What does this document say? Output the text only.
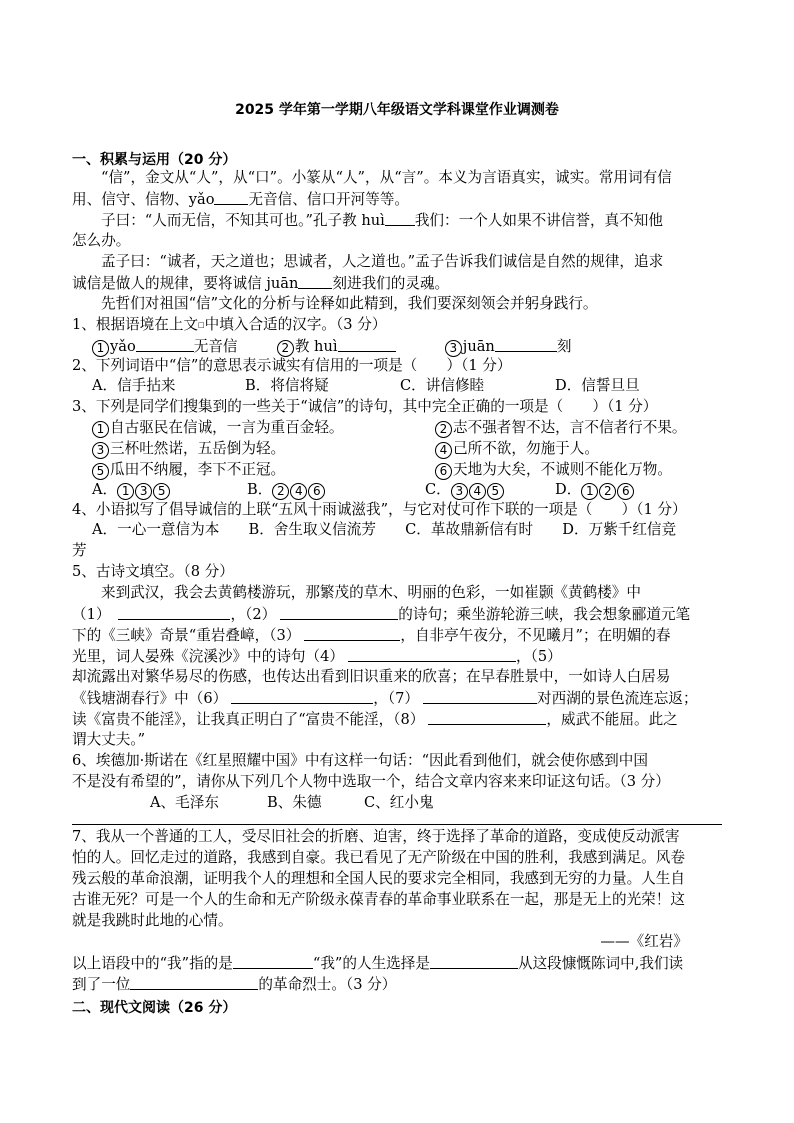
2025 学年第一学期八年级语文学科课堂作业调测卷
一、积累与运用（20 分）
“信”，金文从“人”，从“口”。小篆从“人”，从“言”。本义为言语真实，诚实。常用词有信
用、信守、信物、yǎo 无音信、信口开河等等。
子曰：“人而无信，不知其可也。”孔子教 huì 我们：一个人如果不讲信誉，真不知他
怎么办。
孟子曰：“诚者，天之道也；思诚者，人之道也。”孟子告诉我们诚信是自然的规律，追求
诚信是做人的规律，要将诚信 juān 刻进我们的灵魂。
先哲们对祖国“信”文化的分析与诠释如此精到，我们要深刻领会并躬身践行。
1、根据语境在上文□中填入合适的汉字。（3 分）
1 yǎo	无音信	2 教 huì	3 juān	刻
2、下列词语中“信”的意思表示诚实有信用的一项是（　　）（1 分）
A．信手拈来	B．将信将疑	C．讲信修睦	D．信誓旦旦
3、下列是同学们搜集到的一些关于“诚信”的诗句，其中完全正确的一项是（　　）（1 分）
1 自古驱民在信诚，一言为重百金轻。	2 志不强者智不达，言不信者行不果。
3 三杯吐然诺，五岳倒为轻。	4 己所不欲，勿施于人。
5 瓜田不纳履，李下不正冠。	6 天地为大矣，不诚则不能化万物。
A． 1 3 5	B． 2 4 6	C． 3 4 5	D． 1 2 6
4、小语拟写了倡导诚信的上联“五风十雨诚滋我”，与它对仗可作下联的一项是（　　）（1 分）
A．一心一意信为本　　B．舍生取义信流芳　　C．革故鼎新信有时　　D．万紫千红信竞
芳
5、古诗文填空。（8 分）
来到武汉，我会去黄鹤楼游玩，那繁茂的草木、明丽的色彩，一如崔颢《黄鹤楼》中
（1）	，（2）	的诗句；乘坐游轮游三峡，我会想象郦道元笔
下的《三峡》奇景“重岩叠嶂，（3）	，自非亭午夜分，不见曦月”；在明媚的春
光里，词人晏殊《浣溪沙》中的诗句（4）	，（5）
却流露出对繁华易尽的伤感，也传达出看到旧识重来的欣喜；在早春胜景中，一如诗人白居易
《钱塘湖春行》中（6）	，（7）	对西湖的景色流连忘返；
读《富贵不能淫》，让我真正明白了“富贵不能淫，（8）	，威武不能屈。此之
谓大丈夫。”
6、埃德加·斯诺在《红星照耀中国》中有这样一句话：“因此看到他们，就会使你感到中国
不是没有希望的”，请你从下列几个人物中选取一个，结合文章内容来来印证这句话。（3 分）
A、毛泽东	B、朱德	C、红小鬼
7、我从一个普通的工人，受尽旧社会的折磨、迫害，终于选择了革命的道路，变成使反动派害
怕的人。回忆走过的道路，我感到自豪。我已看见了无产阶级在中国的胜利，我感到满足。风卷
残云般的革命浪潮，证明我个人的理想和全国人民的要求完全相同，我感到无穷的力量。人生自
古谁无死？可是一个人的生命和无产阶级永葆青春的革命事业联系在一起，那是无上的光荣！这
就是我跳时此地的心情。
——《红岩》
以上语段中的“我”指的是	“我”的人生选择是	从这段慷慨陈词中,我们读
到了一位	的革命烈士。（3 分）
二、现代文阅读（26 分）
